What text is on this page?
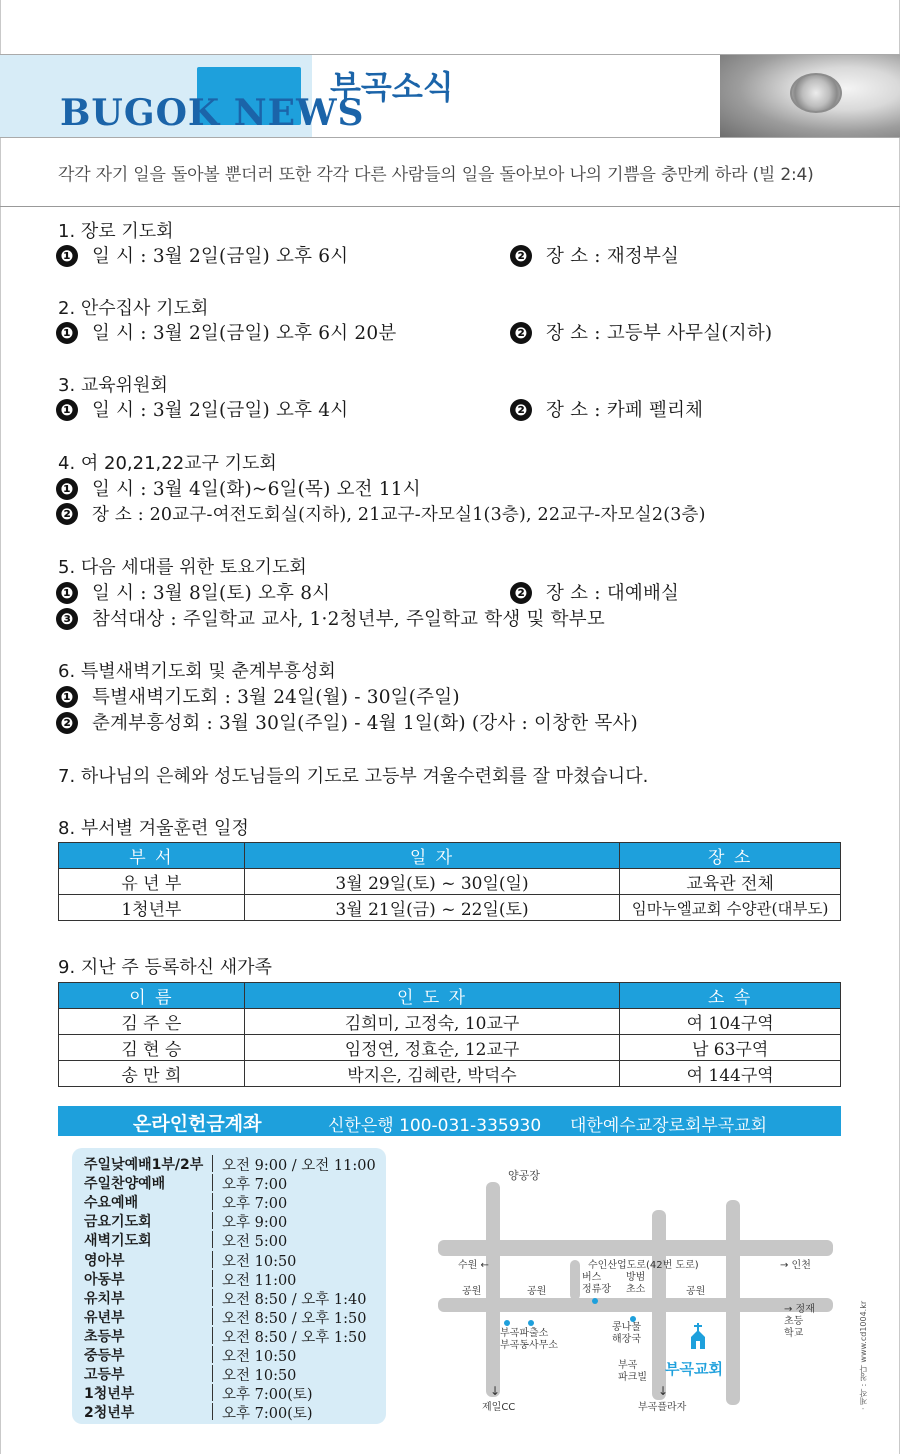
BUGOK NEWS
부곡소식
각각 자기 일을 돌아볼 뿐더러 또한 각각 다른 사람들의 일을 돌아보아 나의 기쁨을 충만케 하라 (빌 2:4)
1. 장로 기도회
❶ 일 시 : 3월 2일(금일) 오후 6시	❷ 장 소 : 재정부실
2. 안수집사 기도회
❶ 일 시 : 3월 2일(금일) 오후 6시 20분	❷ 장 소 : 고등부 사무실(지하)
3. 교육위원회
❶ 일 시 : 3월 2일(금일) 오후 4시	❷ 장 소 : 카페 펠리체
4. 여 20,21,22교구 기도회
❶ 일 시 : 3월 4일(화)~6일(목) 오전 11시
❷ 장 소 : 20교구-여전도회실(지하), 21교구-자모실1(3층), 22교구-자모실2(3층)
5. 다음 세대를 위한 토요기도회
❶ 일 시 : 3월 8일(토) 오후 8시	❷ 장 소 : 대예배실
❸ 참석대상 : 주일학교 교사, 1·2청년부, 주일학교 학생 및 학부모
6. 특별새벽기도회 및 춘계부흥성회
❶ 특별새벽기도회 : 3월 24일(월) - 30일(주일)
❷ 춘계부흥성회 : 3월 30일(주일) - 4월 1일(화) (강사 : 이창한 목사)
7. 하나님의 은혜와 성도님들의 기도로 고등부 겨울수련회를 잘 마쳤습니다.
8. 부서별 겨울훈련 일정
부 서	일 자	장 소
유 년 부	3월 29일(토) ~ 30일(일)	교육관 전체
1청년부	3월 21일(금) ~ 22일(토)	임마누엘교회 수양관(대부도)
9. 지난 주 등록하신 새가족
이 름	인 도 자	소 속
김 주 은	김희미, 고정숙, 10교구	여 104구역
김 현 승	임정연, 정효순, 12교구	남 63구역
송 만 희	박지은, 김혜란, 박덕수	여 144구역
온라인헌금계좌	신한은행 100-031-335930 대한예수교장로회부곡교회
주일낮예배1부/2부 오전 9:00 / 오전 11:00
주일찬양예배	오후 7:00
수요예배	오후 7:00
금요기도회	오후 9:00
새벽기도회	오전 5:00
영아부	오전 10:50
아동부	오전 11:00
유치부	오전 8:50 / 오후 1:40
유년부	오전 8:50 / 오후 1:50
초등부	오전 8:50 / 오후 1:50
중등부	오전 10:50
고등부	오전 10:50
1청년부	오후 7:00(토)
2청년부	오후 7:00(토)
양공장
수원 ←	수인산업도로(42번 도로)	→ 인천
공원	공원	공원
버스
정류장
방범
초소
→ 정재
초등
학교
부곡파출소
부곡동사무소
콩나물
해장국
부곡
파크빌 부곡교회
↓
제일CC
↓
부곡플라자	· 제작 : 청다 www.cd1004.kr
